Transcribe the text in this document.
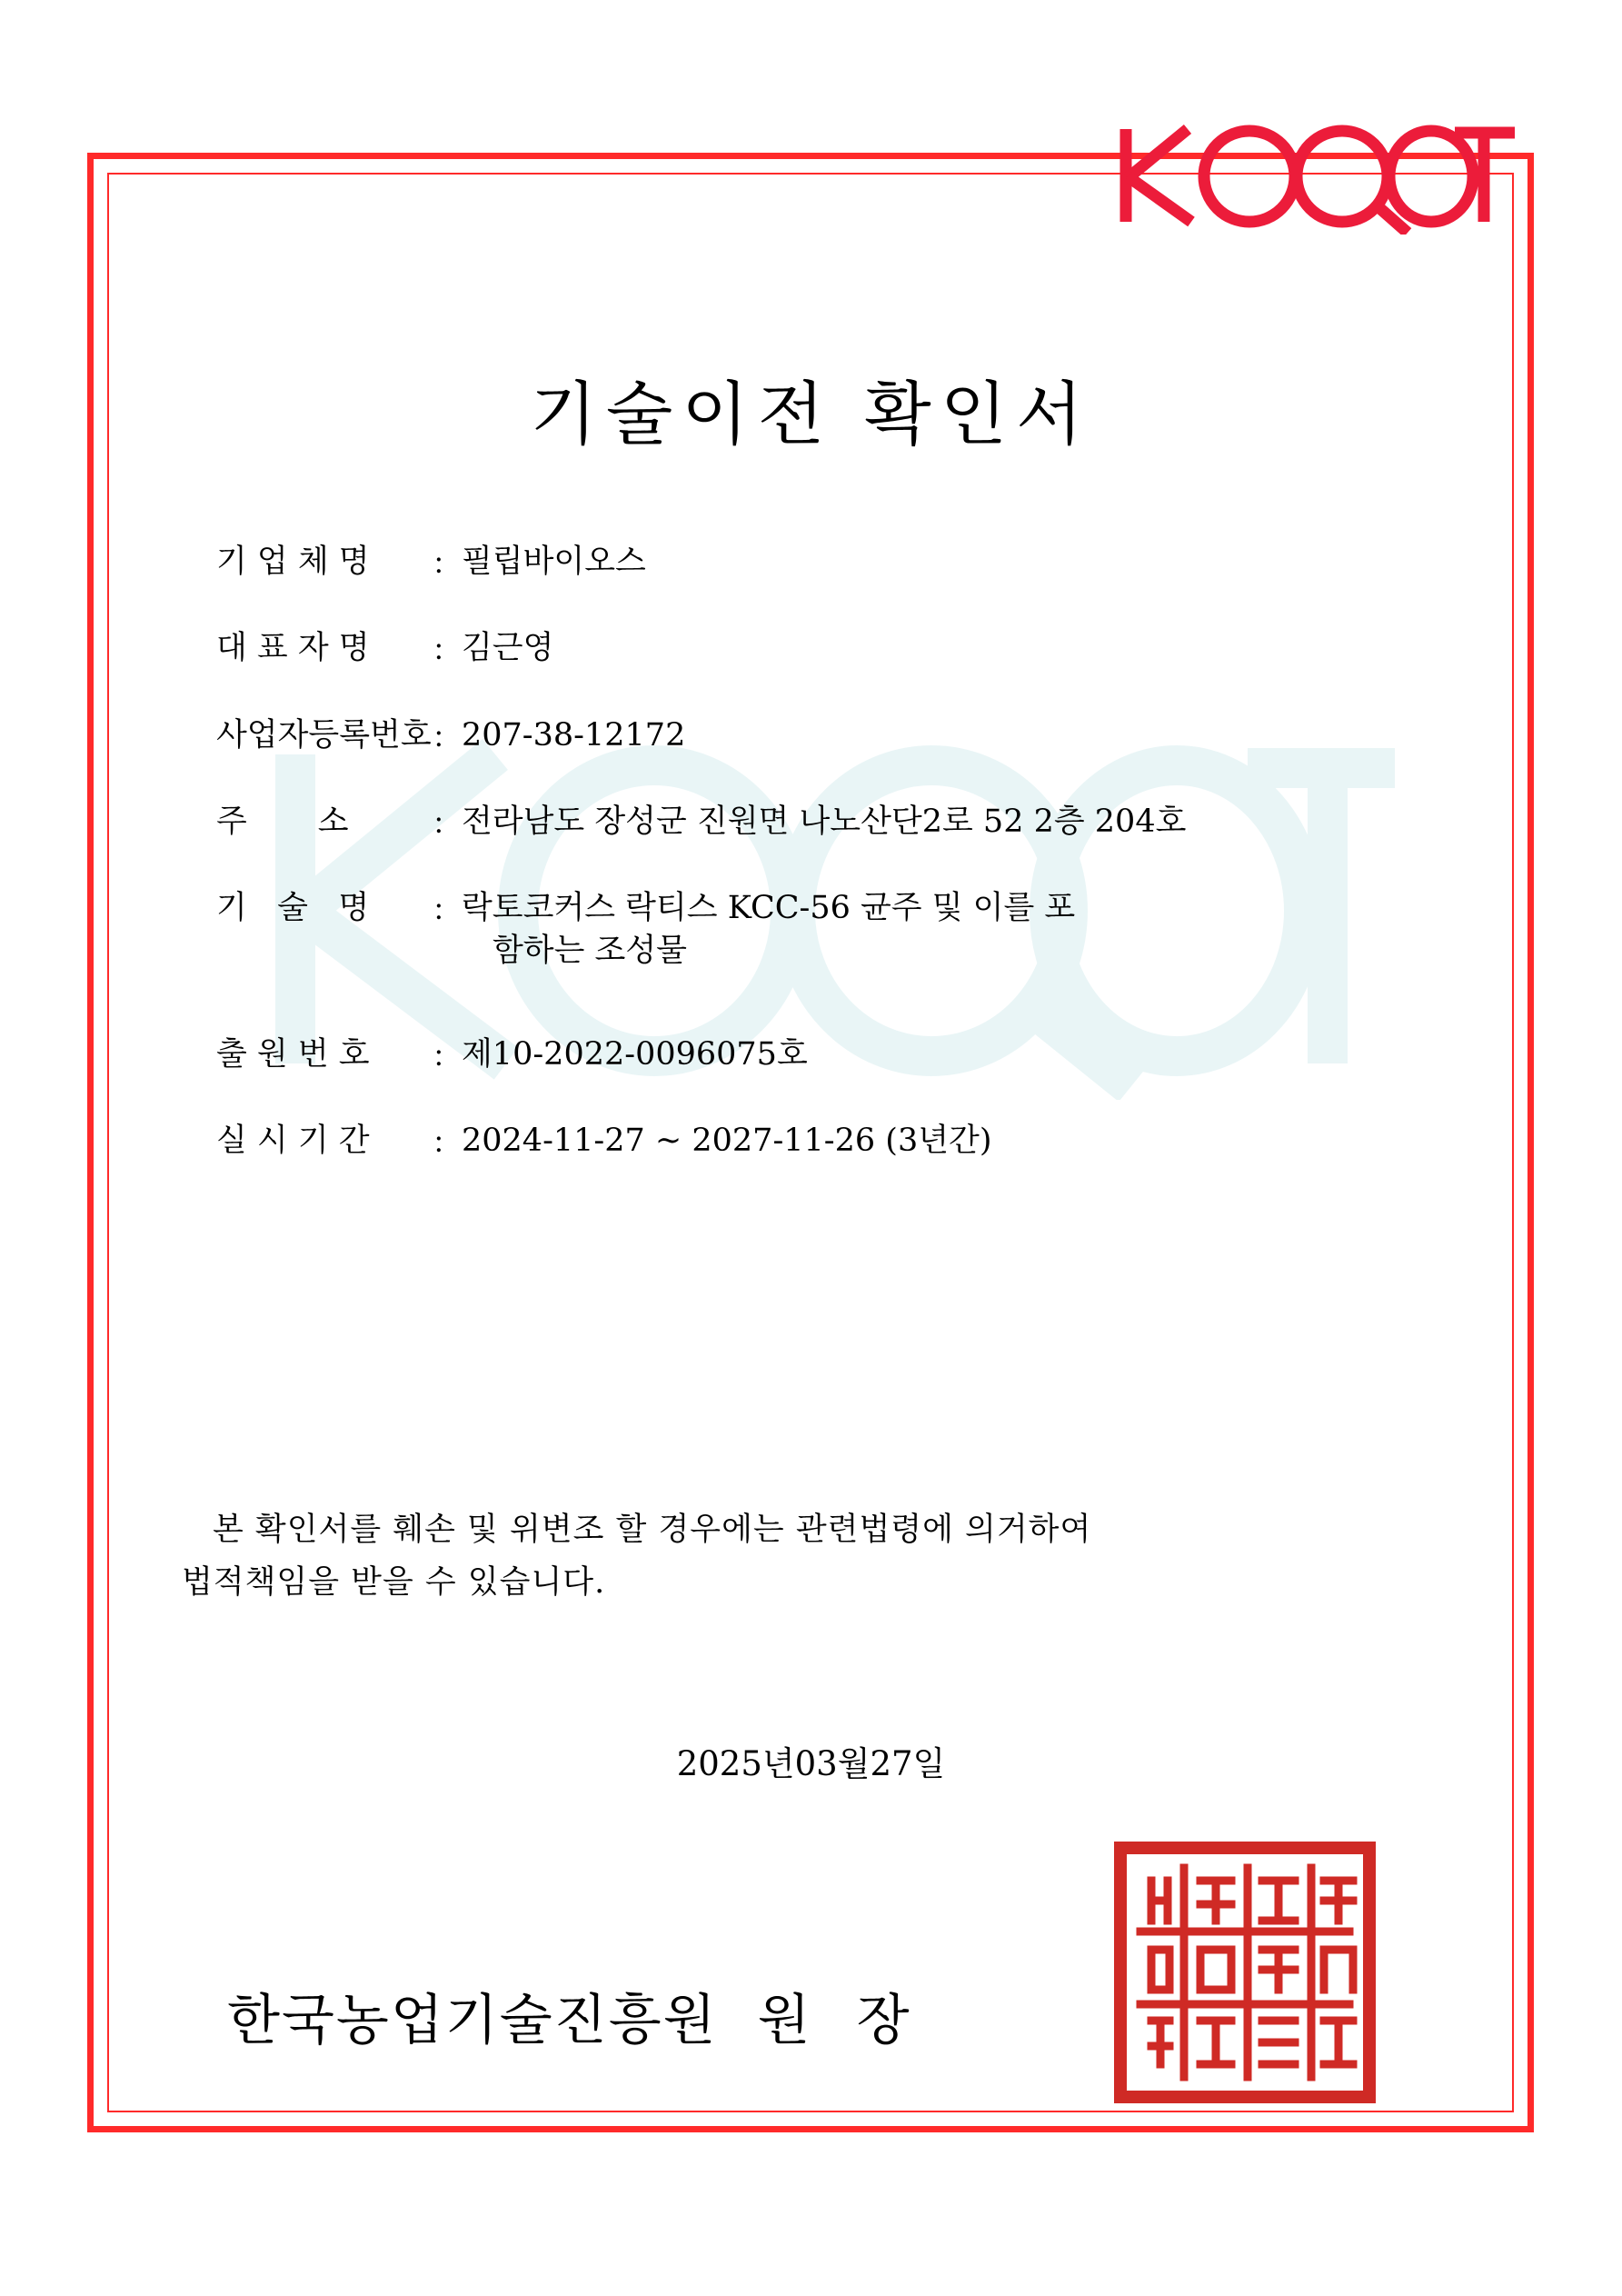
기술이전 확인서
기 업 체 명	: 필립바이오스
대 표 자 명	: 김근영
사업자등록번호 : 207-38-12172
주       소	: 전라남도 장성군 진원면 나노산단2로 52 2층 204호
기   술   명	: 락토코커스 락티스 KCC-56 균주 및 이를 포
함하는 조성물
출 원 번 호	: 제10-2022-0096075호
실 시 기 간	: 2024-11-27 ~ 2027-11-26 (3년간)
본 확인서를 훼손 및 위변조 할 경우에는 관련법령에 의거하여
법적책임을 받을 수 있습니다.
2025년03월27일
한국농업기술진흥원 원 장
